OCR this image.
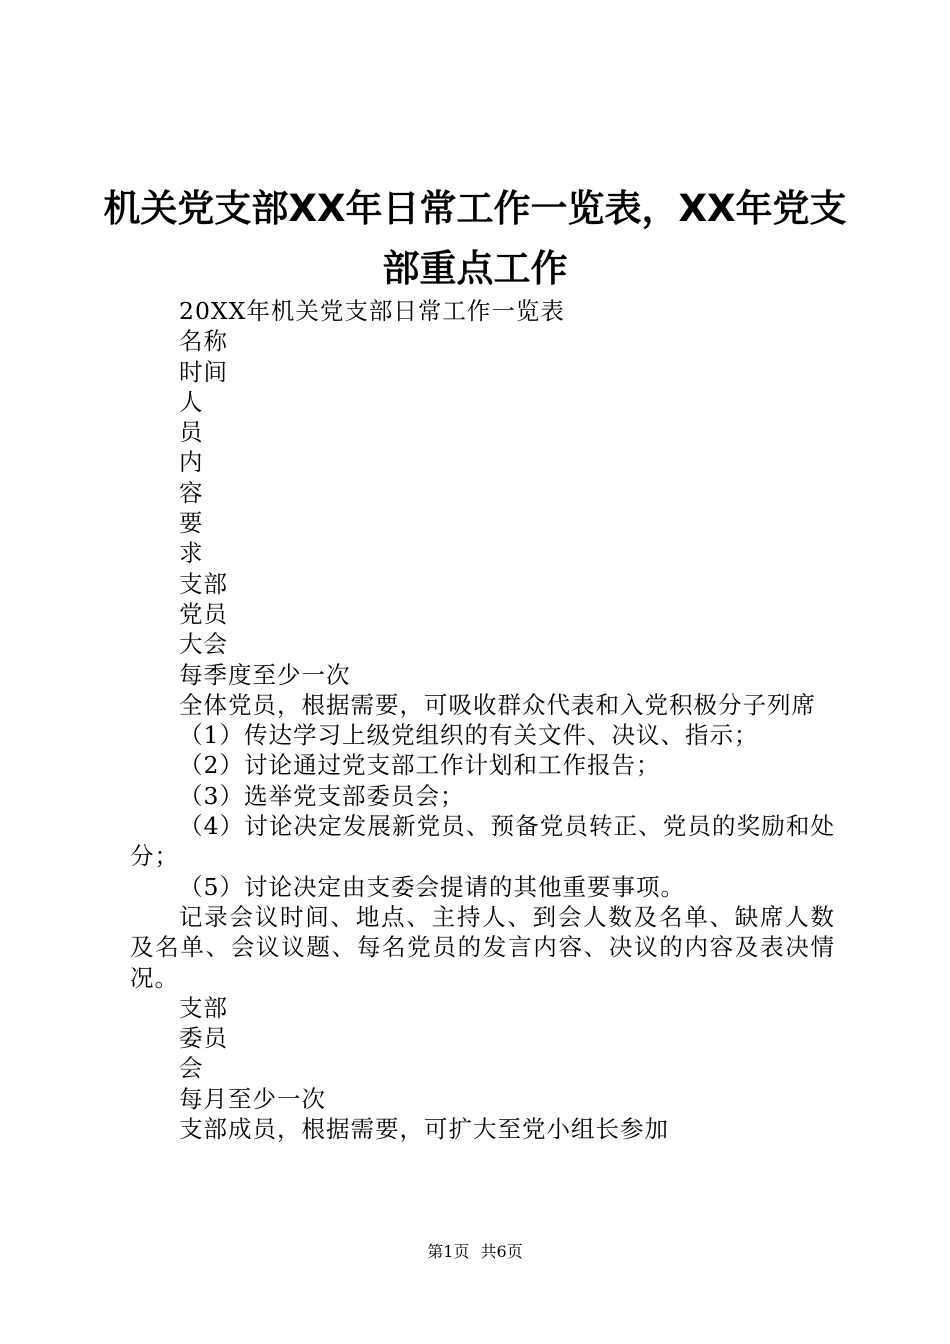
机关党支部XX年日常工作一览表，XX年党支
部重点工作

20XX年机关党支部日常工作一览表

名称

时间

人

员

内

容

要

求

支部

党员

大会

每季度至少一次

全体党员，根据需要，可吸收群众代表和入党积极分子列席

（1）传达学习上级党组织的有关文件、决议、指示；

（2）讨论通过党支部工作计划和工作报告；

（3）选举党支部委员会；

（4）讨论决定发展新党员、预备党员转正、党员的奖励和处分；

（5）讨论决定由支委会提请的其他重要事项。

记录会议时间、地点、主持人、到会人数及名单、缺席人数及名单、会议议题、每名党员的发言内容、决议的内容及表决情况。

支部

委员

会

每月至少一次

支部成员，根据需要，可扩大至党小组长参加

第1页 共6页
